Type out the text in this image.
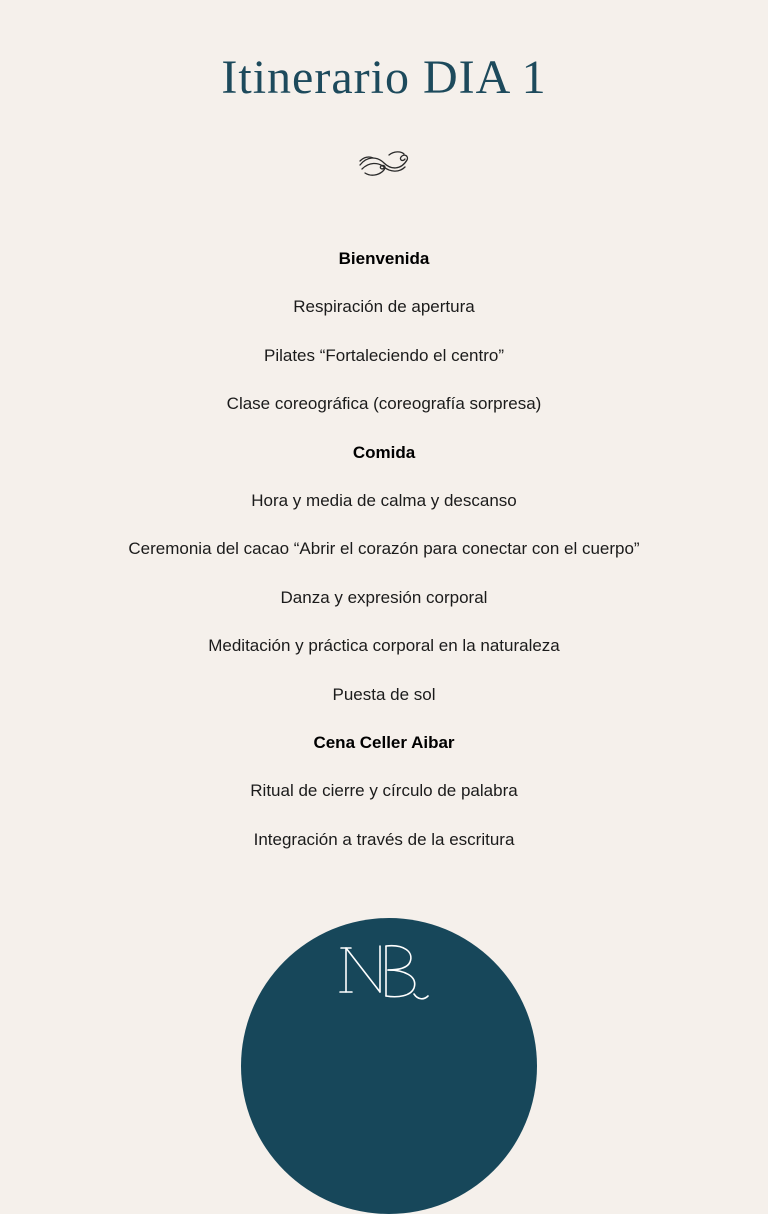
Itinerario DIA 1
Bienvenida
Respiración de apertura
Pilates “Fortaleciendo el centro”
Clase coreográfica (coreografía sorpresa)
Comida
Hora y media de calma y descanso
Ceremonia del cacao “Abrir el corazón para conectar con el cuerpo”
Danza y expresión corporal
Meditación y práctica corporal en la naturaleza
Puesta de sol
Cena Celler Aibar
Ritual de cierre y círculo de palabra
Integración a través de la escritura
